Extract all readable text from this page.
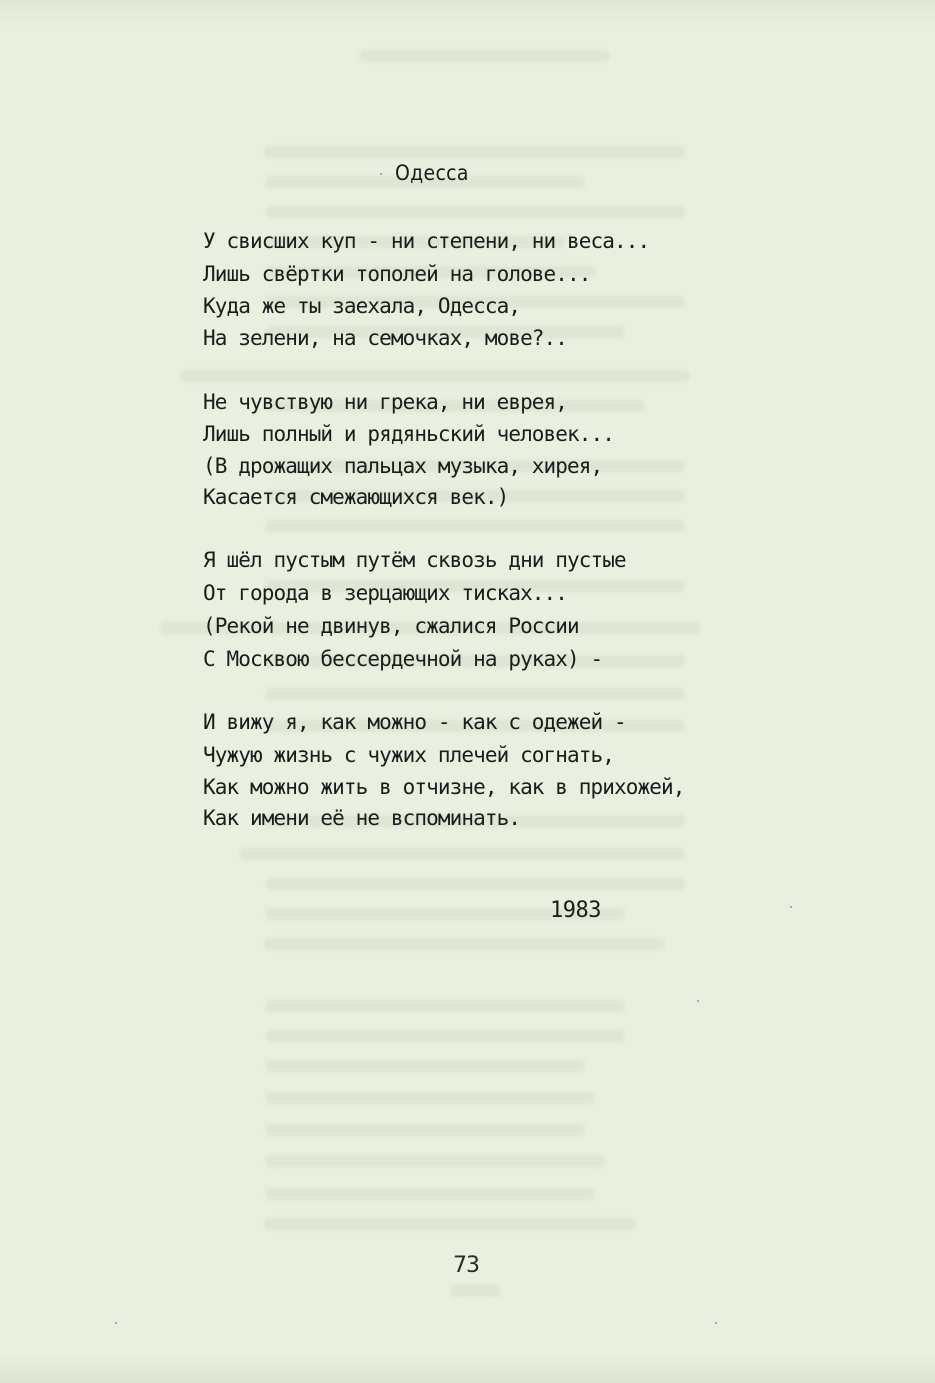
Одесса
У свисших куп - ни степени, ни веса...
Лишь свёртки тополей на голове...
Куда же ты заехала, Одесса,
На зелени, на семочках, мове?..
Не чувствую ни грека, ни еврея,
Лишь полный и рядяньский человек...
(В дрожащих пальцах музыка, хирея,
Касается смежающихся век.)
Я шёл пустым путём сквозь дни пустые
От города в зерцающих тисках...
(Рекой не двинув, сжалися России
С Москвою бессердечной на руках) -
И вижу я, как можно - как с одежей -
Чужую жизнь с чужих плечей согнать,
Как можно жить в отчизне, как в прихожей,
Как имени её не вспоминать.
1983
73
